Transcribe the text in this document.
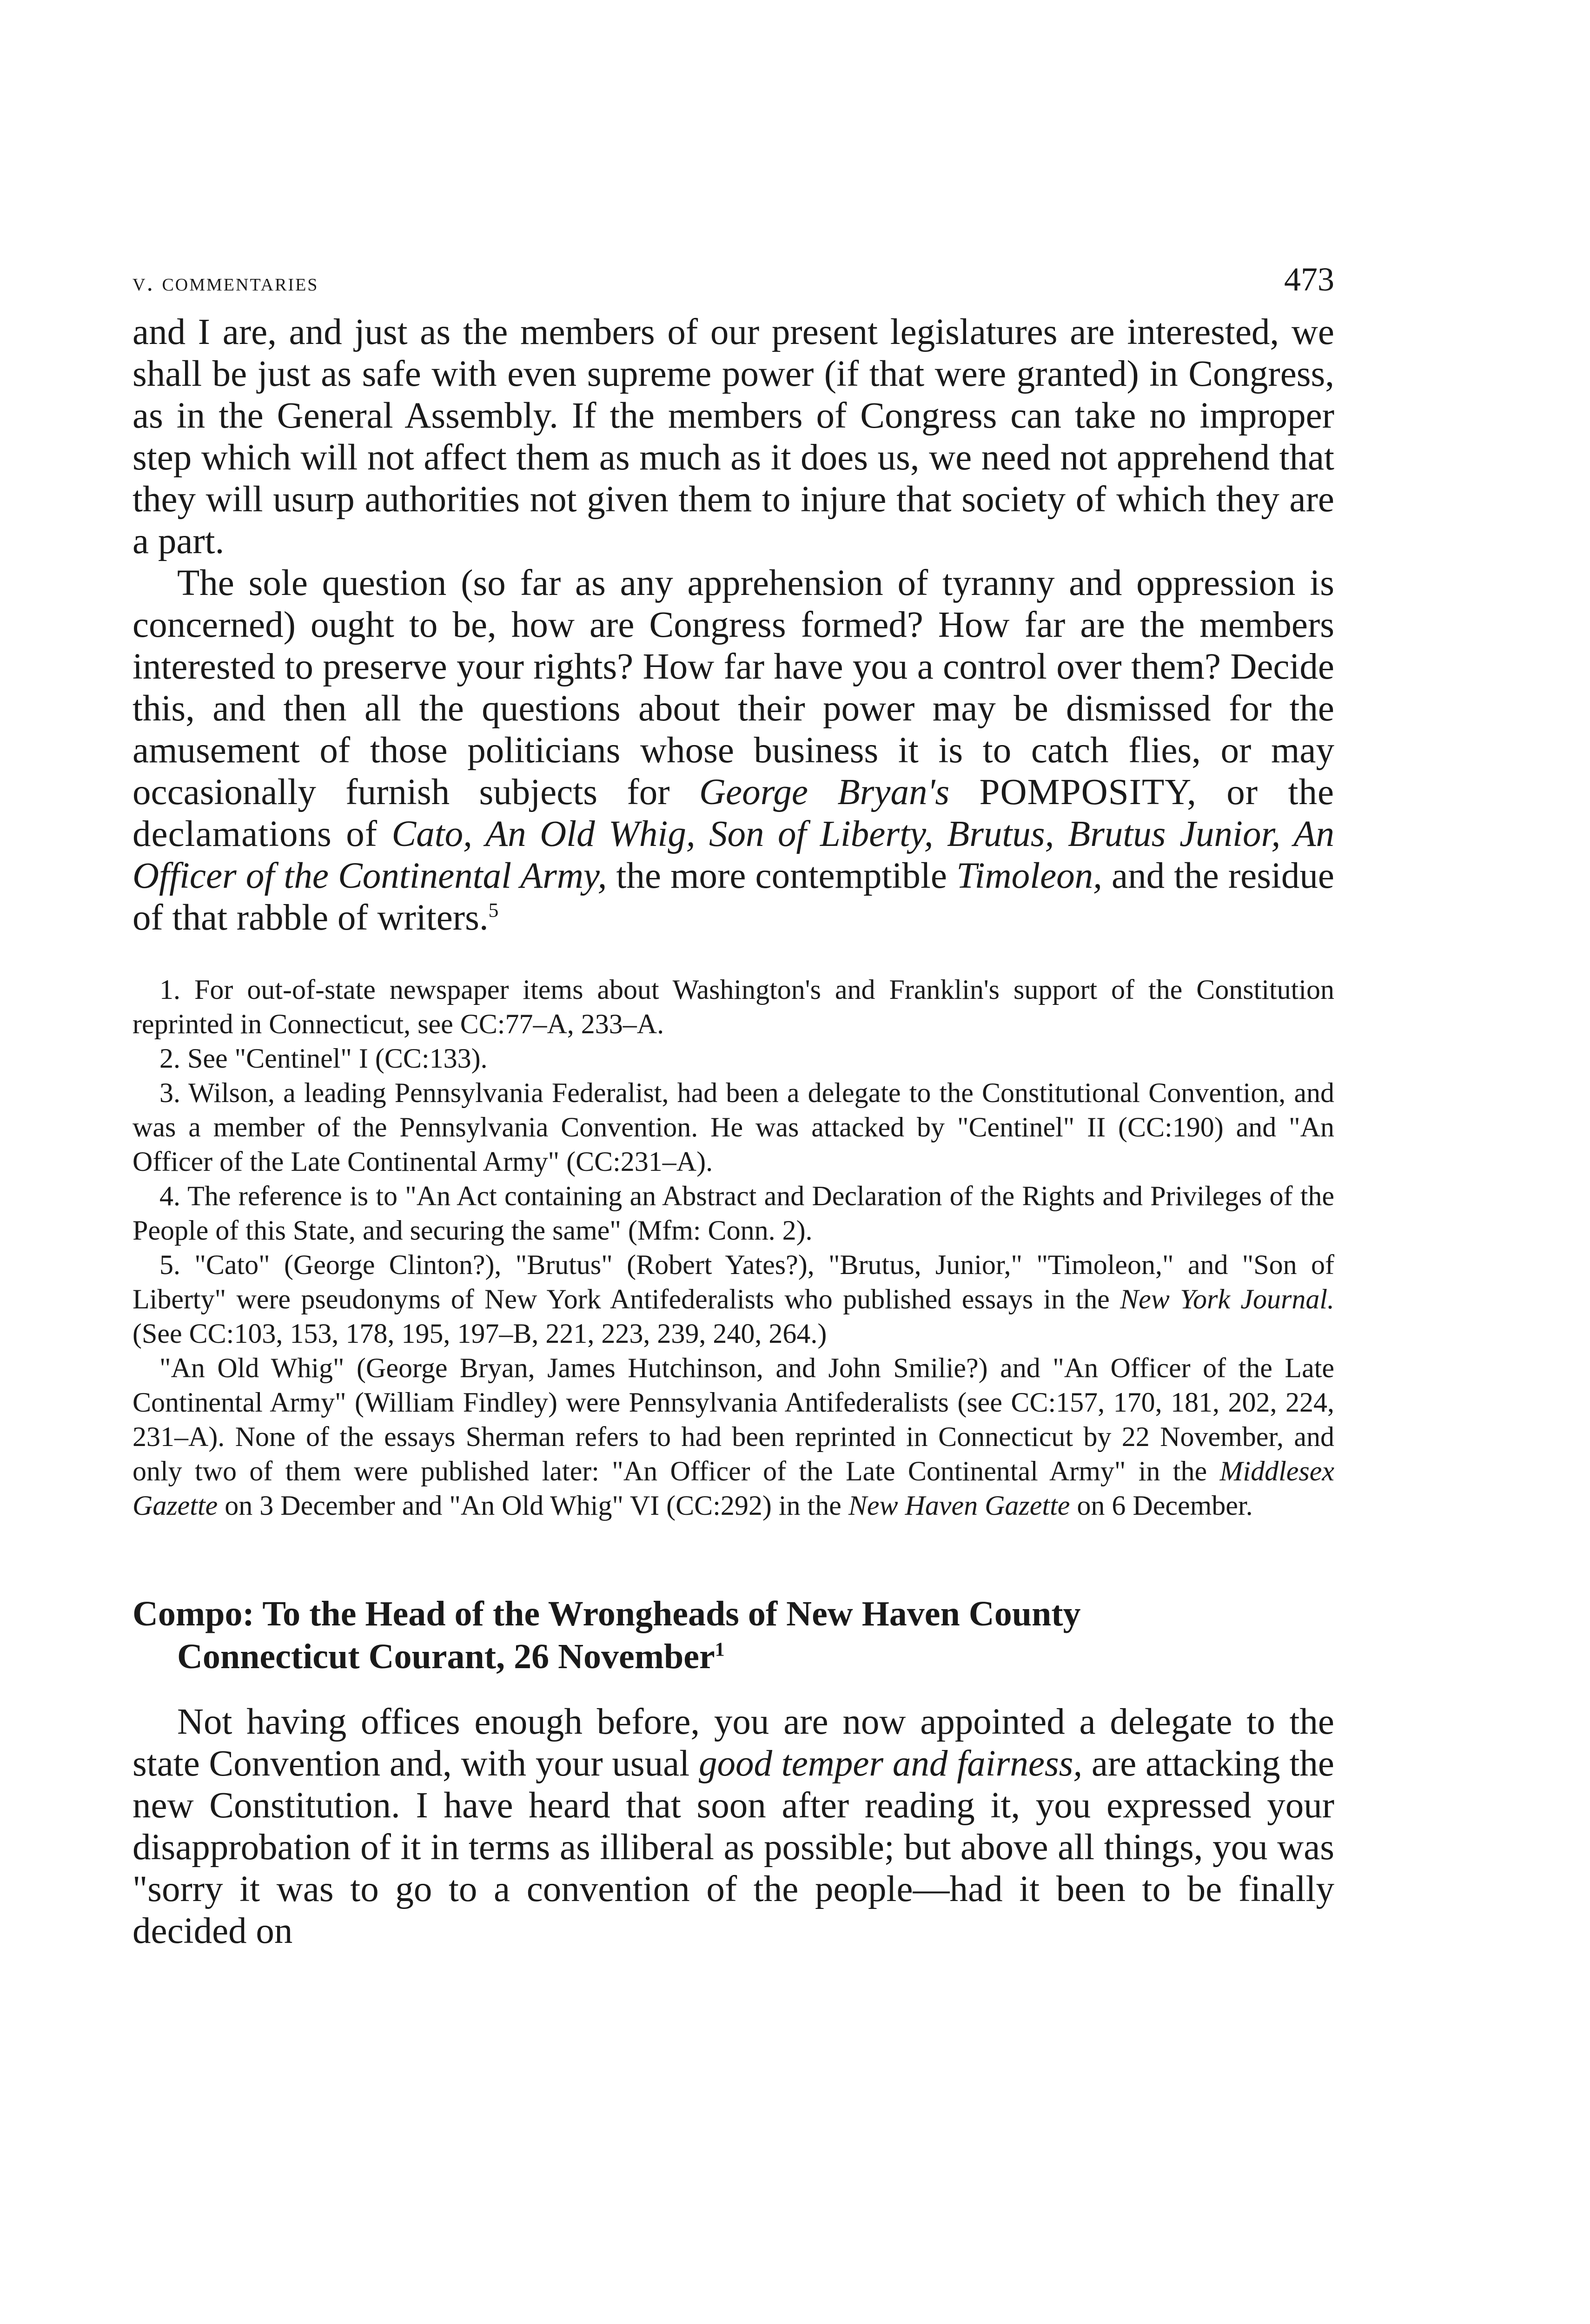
v. commentaries	473

and I are, and just as the members of our present legislatures are interested, we shall be just as safe with even supreme power (if that were granted) in Congress, as in the General Assembly. If the members of Congress can take no improper step which will not affect them as much as it does us, we need not apprehend that they will usurp authorities not given them to injure that society of which they are a part.

The sole question (so far as any apprehension of tyranny and oppression is concerned) ought to be, how are Congress formed? How far are the members interested to preserve your rights? How far have you a control over them? Decide this, and then all the questions about their power may be dismissed for the amusement of those politicians whose business it is to catch flies, or may occasionally furnish subjects for George Bryan's POMPOSITY, or the declamations of Cato, An Old Whig, Son of Liberty, Brutus, Brutus Junior, An Officer of the Continental Army, the more contemptible Timoleon, and the residue of that rabble of writers.$^5$

1. For out-of-state newspaper items about Washington's and Franklin's support of the Constitution reprinted in Connecticut, see CC:77–A, 233–A.

2. See "Centinel" I (CC:133).

3. Wilson, a leading Pennsylvania Federalist, had been a delegate to the Constitutional Convention, and was a member of the Pennsylvania Convention. He was attacked by "Centinel" II (CC:190) and "An Officer of the Late Continental Army" (CC:231–A).

4. The reference is to "An Act containing an Abstract and Declaration of the Rights and Privileges of the People of this State, and securing the same" (Mfm: Conn. 2).

5. "Cato" (George Clinton?), "Brutus" (Robert Yates?), "Brutus, Junior," "Timoleon," and "Son of Liberty" were pseudonyms of New York Antifederalists who published essays in the New York Journal. (See CC:103, 153, 178, 195, 197–B, 221, 223, 239, 240, 264.)

"An Old Whig" (George Bryan, James Hutchinson, and John Smilie?) and "An Officer of the Late Continental Army" (William Findley) were Pennsylvania Antifederalists (see CC:157, 170, 181, 202, 224, 231–A). None of the essays Sherman refers to had been reprinted in Connecticut by 22 November, and only two of them were published later: "An Officer of the Late Continental Army" in the Middlesex Gazette on 3 December and "An Old Whig" VI (CC:292) in the New Haven Gazette on 6 December.

Compo: To the Head of the Wrongheads of New Haven County
Connecticut Courant, 26 November$^1$

Not having offices enough before, you are now appointed a delegate to the state Convention and, with your usual good temper and fairness, are attacking the new Constitution. I have heard that soon after reading it, you expressed your disapprobation of it in terms as illiberal as possible; but above all things, you was "sorry it was to go to a convention of the people—had it been to be finally decided on
